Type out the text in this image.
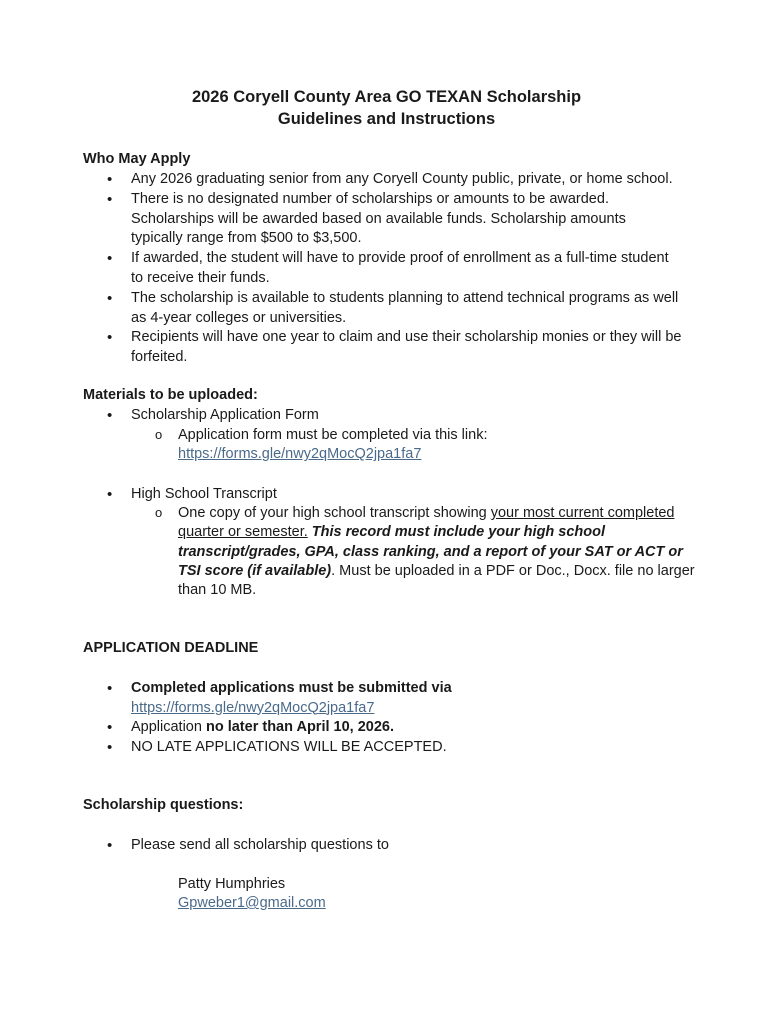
2026 Coryell County Area GO TEXAN Scholarship
Guidelines and Instructions
Who May Apply
• Any 2026 graduating senior from any Coryell County public, private, or home school.
• There is no designated number of scholarships or amounts to be awarded. Scholarships will be awarded based on available funds. Scholarship amounts typically range from $500 to $3,500.
• If awarded, the student will have to provide proof of enrollment as a full-time student to receive their funds.
• The scholarship is available to students planning to attend technical programs as well as 4-year colleges or universities.
• Recipients will have one year to claim and use their scholarship monies or they will be forfeited.
Materials to be uploaded:
• Scholarship Application Form
o Application form must be completed via this link:
https://forms.gle/nwy2qMocQ2jpa1fa7
• High School Transcript
o One copy of your high school transcript showing your most current completed quarter or semester. This record must include your high school transcript/grades, GPA, class ranking, and a report of your SAT or ACT or TSI score (if available). Must be uploaded in a PDF or Doc., Docx. file no larger than 10 MB.
APPLICATION DEADLINE
• Completed applications must be submitted via
https://forms.gle/nwy2qMocQ2jpa1fa7
• Application no later than April 10, 2026.
• NO LATE APPLICATIONS WILL BE ACCEPTED.
Scholarship questions:
• Please send all scholarship questions to
Patty Humphries
Gpweber1@gmail.com
